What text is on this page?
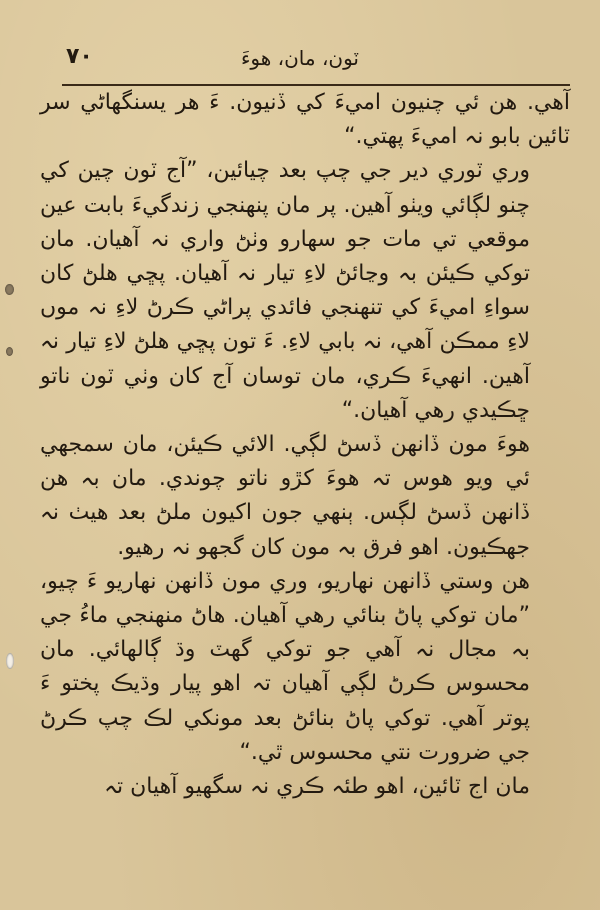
٧٠	ٽون، مان، ھوءَ

آھي. ھن ئي چنيون اميءَ کي ڏنيون. ءَ ھر يسنگھاڻي سر ٽائين بابو نہ اميءَ پھتي.“

وري ٽوري دير جي چپ بعد چيائين، ”آج ٽون چين کي چنو لڳائي ويٺو آھين. پر مان پنھنجي زندگيءَ بابت عين موقعي تي مات جو سھارو وٺڻ واري نہ آھيان. مان توکي ڪيئن بہ وڃائڻ لاءِ تيار نہ آھيان. پڇي ھلڻ کان سواءِ اميءَ کي تنھنجي فائدي پراڻي ڪرڻ لاءِ نہ موں لاءِ ممڪن آھي، نہ بابي لاءِ. ءَ تون پڇي ھلڻ لاءِ تيار نہ آھين. انھيءَ ڪري، مان توسان آج کان وٺي ٽون ناتو ڇڪيدي رھي آھيان.“

ھوءَ مون ڏانھن ڏسڻ لڳي. الائي ڪيئن، مان سمجھي ئي ويو ھوس تہ ھوءَ کڙو ناتو چوندي. مان بہ ھن ڏانھن ڏسڻ لڳس. ٻنھي جون اکيون ملڻ بعد ھيٺ نہ جھڪيون. اھو فرق بہ مون کان گجھو نہ رھيو.

ھن وستي ڏانھن نھاريو، وري مون ڏانھن نھاريو ءَ چيو، ”مان توکي پاڻ بنائي رھي آھيان. ھاڻ منھنجي ماءُ جي بہ مجال نہ آھي جو توکي گھٽ وڌ ڳالھائي. مان محسوس ڪرڻ لڳي آھيان تہ اھو پيار وڌيڪ پختو ءَ پوتر آھي. توکي پاڻ بنائڻ بعد مونکي لڪ چپ ڪرڻ جي ضرورت نتي محسوس ٿي.“

مان اج ٽائين، اھو طئہ ڪري نہ سگھيو آھيان تہ
